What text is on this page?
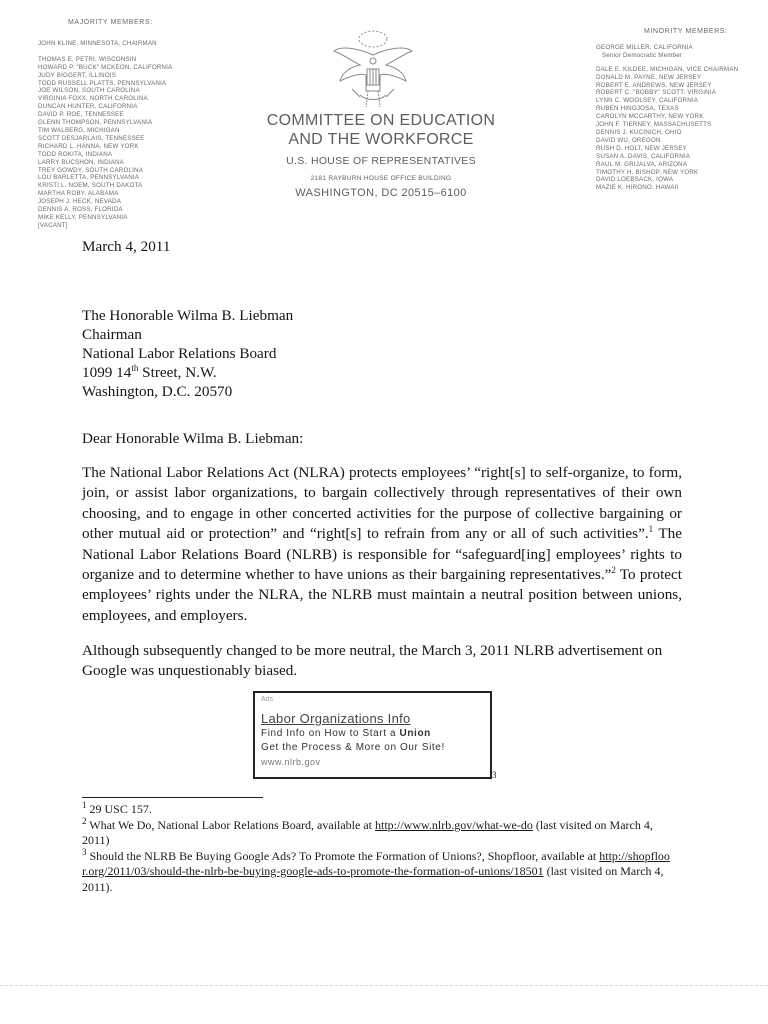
MAJORITY MEMBERS:
JOHN KLINE, MINNESOTA, CHAIRMAN
THOMAS E. PETRI, WISCONSIN
HOWARD P. "BUCK" MCKEON, CALIFORNIA
JUDY BIGGERT, ILLINOIS
TODD RUSSELL PLATTS, PENNSYLVANIA
JOE WILSON, SOUTH CAROLINA
VIRGINIA FOXX, NORTH CAROLINA
DUNCAN HUNTER, CALIFORNIA
DAVID P. ROE, TENNESSEE
GLENN THOMPSON, PENNSYLVANIA
TIM WALBERG, MICHIGAN
SCOTT DESJARLAIS, TENNESSEE
RICHARD L. HANNA, NEW YORK
TODD ROKITA, INDIANA
LARRY BUCSHON, INDIANA
TREY GOWDY, SOUTH CAROLINA
LOU BARLETTA, PENNSYLVANIA
KRISTI L. NOEM, SOUTH DAKOTA
MARTHA ROBY, ALABAMA
JOSEPH J. HECK, NEVADA
DENNIS A. ROSS, FLORIDA
MIKE KELLY, PENNSYLVANIA
[VACANT]
COMMITTEE ON EDUCATION
AND THE WORKFORCE
U.S. HOUSE OF REPRESENTATIVES
2181 RAYBURN HOUSE OFFICE BUILDING
WASHINGTON, DC 20515–6100
MINORITY MEMBERS:
GEORGE MILLER, CALIFORNIA
Senior Democratic Member
DALE E. KILDEE, MICHIGAN, VICE CHAIRMAN
DONALD M. PAYNE, NEW JERSEY
ROBERT E. ANDREWS, NEW JERSEY
ROBERT C. "BOBBY" SCOTT, VIRGINIA
LYNN C. WOOLSEY, CALIFORNIA
RUBEN HINOJOSA, TEXAS
CAROLYN MCCARTHY, NEW YORK
JOHN F. TIERNEY, MASSACHUSETTS
DENNIS J. KUCINICH, OHIO
DAVID WU, OREGON
RUSH D. HOLT, NEW JERSEY
SUSAN A. DAVIS, CALIFORNIA
RAUL M. GRIJALVA, ARIZONA
TIMOTHY H. BISHOP, NEW YORK
DAVID LOEBSACK, IOWA
MAZIE K. HIRONO, HAWAII
March 4, 2011
The Honorable Wilma B. Liebman
Chairman
National Labor Relations Board
1099 14th Street, N.W.
Washington, D.C. 20570
Dear Honorable Wilma B. Liebman:

The National Labor Relations Act (NLRA) protects employees’ “right[s] to self-organize, to form, join, or assist labor organizations, to bargain collectively through representatives of their own choosing, and to engage in other concerted activities for the purpose of collective bargaining or other mutual aid or protection” and “right[s] to refrain from any or all of such activities”.$^1$ The National Labor Relations Board (NLRB) is responsible for “safeguard[ing] employees’ rights to organize and to determine whether to have unions as their bargaining representatives.”$^2$ To protect employees’ rights under the NLRA, the NLRB must maintain a neutral position between unions, employees, and employers.

Although subsequently changed to be more neutral, the March 3, 2011 NLRB advertisement on Google was unquestionably biased.

Ads
Labor Organizations Info
Find Info on How to Start a Union
Get the Process & More on Our Site!
www.nlrb.gov
3
$^1$ 29 USC 157.
$^2$ What We Do, National Labor Relations Board, available at http://www.nlrb.gov/what-we-do (last visited on March 4, 2011)
$^3$ Should the NLRB Be Buying Google Ads? To Promote the Formation of Unions?, Shopfloor, available at http://shopfloor.org/2011/03/should-the-nlrb-be-buying-google-ads-to-promote-the-formation-of-unions/18501 (last visited on March 4, 2011).
